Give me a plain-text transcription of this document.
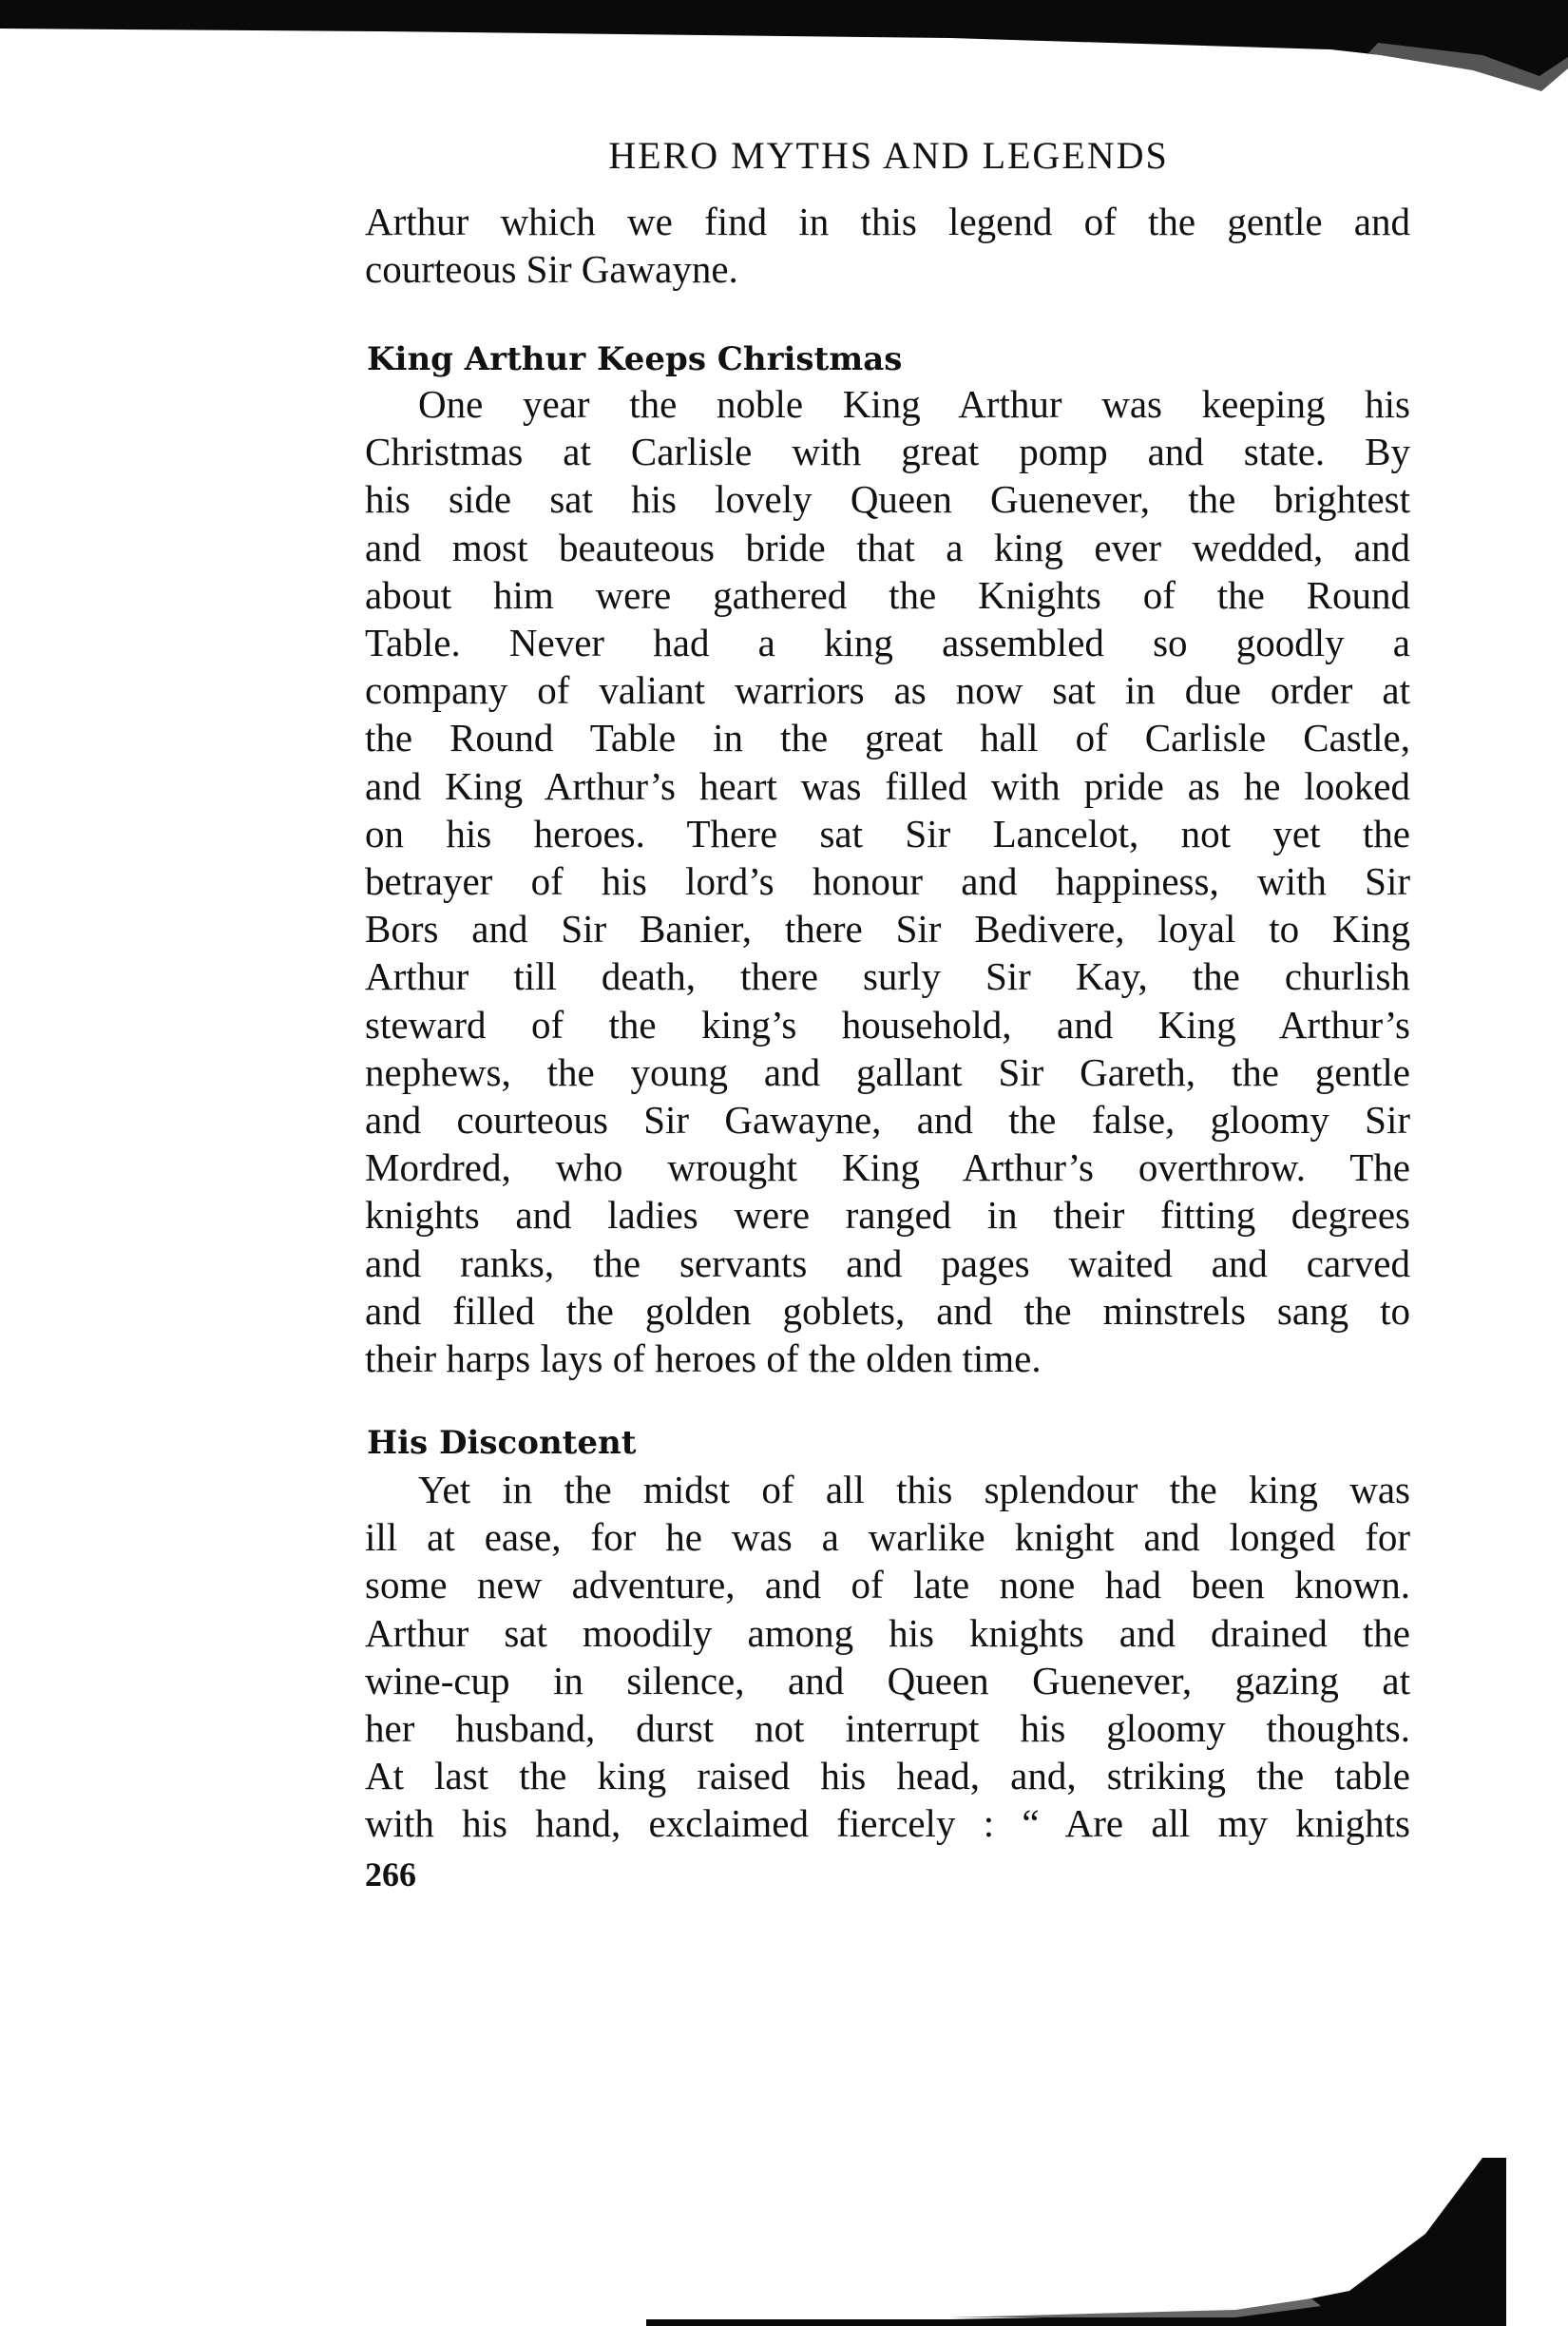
HERO MYTHS AND LEGENDS
Arthur which we find in this legend of the gentle and
courteous Sir Gawayne.
King Arthur Keeps Christmas
One year the noble King Arthur was keeping his
Christmas at Carlisle with great pomp and state. By
his side sat his lovely Queen Guenever, the brightest
and most beauteous bride that a king ever wedded, and
about him were gathered the Knights of the Round
Table. Never had a king assembled so goodly a
company of valiant warriors as now sat in due order at
the Round Table in the great hall of Carlisle Castle,
and King Arthur’s heart was filled with pride as he looked
on his heroes. There sat Sir Lancelot, not yet the
betrayer of his lord’s honour and happiness, with Sir
Bors and Sir Banier, there Sir Bedivere, loyal to King
Arthur till death, there surly Sir Kay, the churlish
steward of the king’s household, and King Arthur’s
nephews, the young and gallant Sir Gareth, the gentle
and courteous Sir Gawayne, and the false, gloomy Sir
Mordred, who wrought King Arthur’s overthrow. The
knights and ladies were ranged in their fitting degrees
and ranks, the servants and pages waited and carved
and filled the golden goblets, and the minstrels sang to
their harps lays of heroes of the olden time.
His Discontent
Yet in the midst of all this splendour the king was
ill at ease, for he was a warlike knight and longed for
some new adventure, and of late none had been known.
Arthur sat moodily among his knights and drained the
wine-cup in silence, and Queen Guenever, gazing at
her husband, durst not interrupt his gloomy thoughts.
At last the king raised his head, and, striking the table
with his hand, exclaimed fiercely : “ Are all my knights
266
